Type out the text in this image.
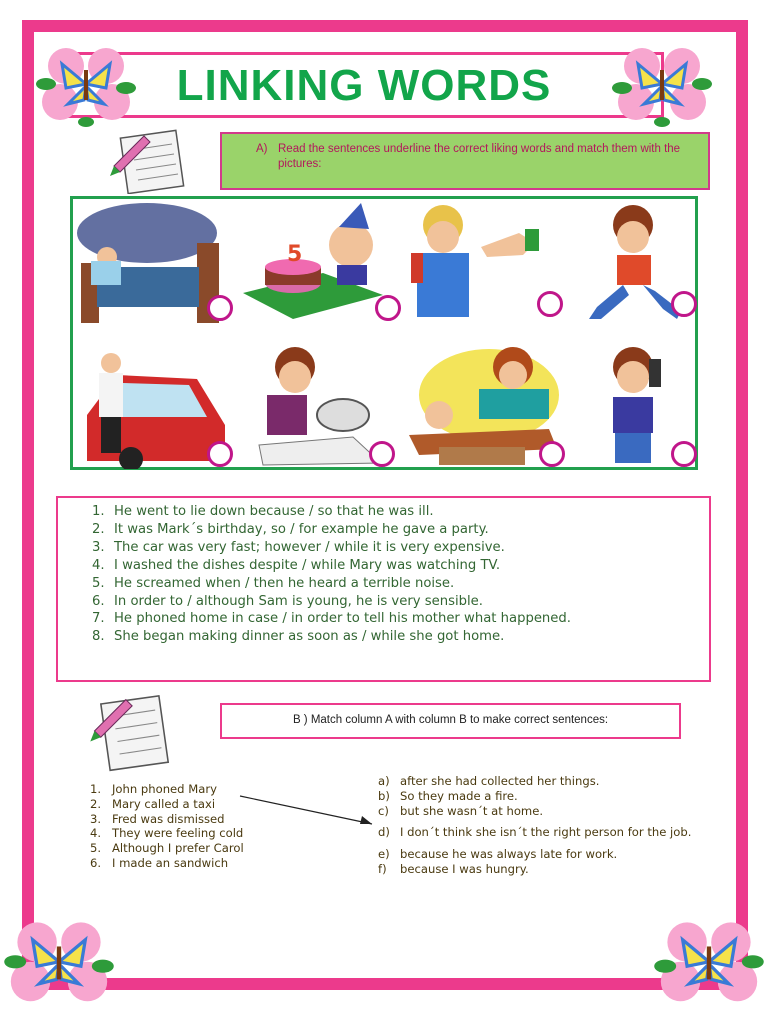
LINKING WORDS
A) Read the sentences underline the correct liking words and match them with the pictures:
5
1. He went to lie down because / so that he was ill.
2. It was Mark´s birthday, so / for example he gave a party.
3. The car was very fast; however / while it is very expensive.
4. I washed the dishes despite / while Mary was watching TV.
5. He screamed when / then he heard a terrible noise.
6. In order to / although Sam is young, he is very sensible.
7. He phoned home in case / in order to tell his mother what happened.
8. She began making dinner as soon as / while she got home.
B ) Match column A with column B to make correct sentences:
1. John phoned Mary
2. Mary called a taxi
3. Fred was dismissed
4. They were feeling cold
5. Although I prefer Carol
6. I made an sandwich
a) after she had collected her things.
b) So they made a fire.
c) but she wasn´t at home.
d) I don´t think she isn´t the right person for the job.
e) because he was always late for work.
f) because I was hungry.
